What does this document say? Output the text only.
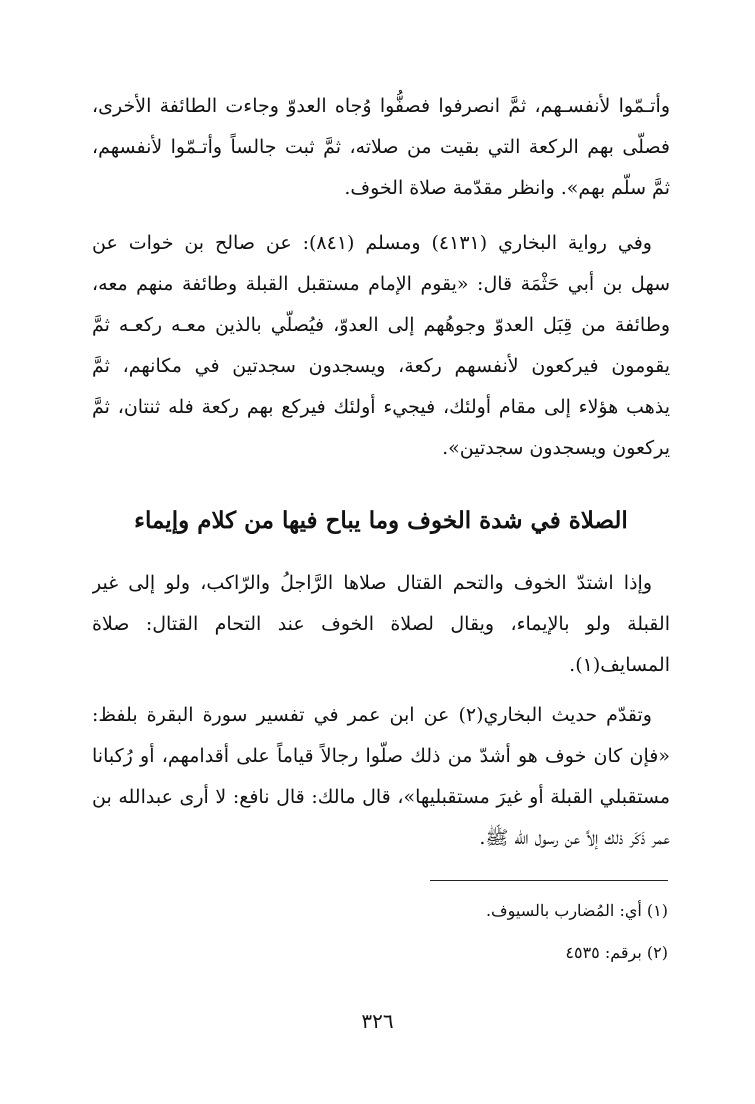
وأتـمّوا لأنفسـهم، ثمَّ انصرفوا فصفُّوا وُجاه العدوّ وجاءت الطائفة الأخرى،
فصلّى بهم الركعة التي بقيت من صلاته، ثمَّ ثبت جالساً وأتـمّوا لأنفسهم،
ثمَّ سلّم بهم». وانظر مقدّمة صلاة الخوف.
وفي رواية البخاري (٤١٣١) ومسلم (٨٤١): عن صالح بن خوات عن
سهل بن أبي حَثْمَة قال: «يقوم الإمام مستقبل القبلة وطائفة منهم معه،
وطائفة من قِبَل العدوّ وجوهُهم إلى العدوّ، فيُصلّي بالذين معـه ركعـه ثمَّ
يقومون فيركعون لأنفسهم ركعة، ويسجدون سجدتين في مكانهم، ثمَّ
يذهب هؤلاء إلى مقام أولئك، فيجيء أولئك فيركع بهم ركعة فله ثنتان، ثمَّ
يركعون ويسجدون سجدتين».
الصلاة في شدة الخوف وما يباح فيها من كلام وإيماء
وإذا اشتدّ الخوف والتحم القتال صلاها الرَّاجلُ والرّاكب، ولو إلى غير
القبلة ولو بالإيماء، ويقال لصلاة الخوف عند التحام القتال: صلاة
المسايف(١).
وتقدّم حديث البخاري(٢) عن ابن عمر في تفسير سورة البقرة بلفظ:
«فإن كان خوف هو أشدّ من ذلك صلّوا رجالاً قياماً على أقدامهم، أو رُكبانا
مستقبلي القبلة أو غيرَ مستقبليها»، قال مالك: قال نافع: لا أرى عبدالله بن
عمر ذَكَر ذلك إلاَّ عن رسول الله ﷺ.
(١) أي: المُضارب بالسيوف.
(٢) برقم: ٤٥٣٥
٣٢٦
